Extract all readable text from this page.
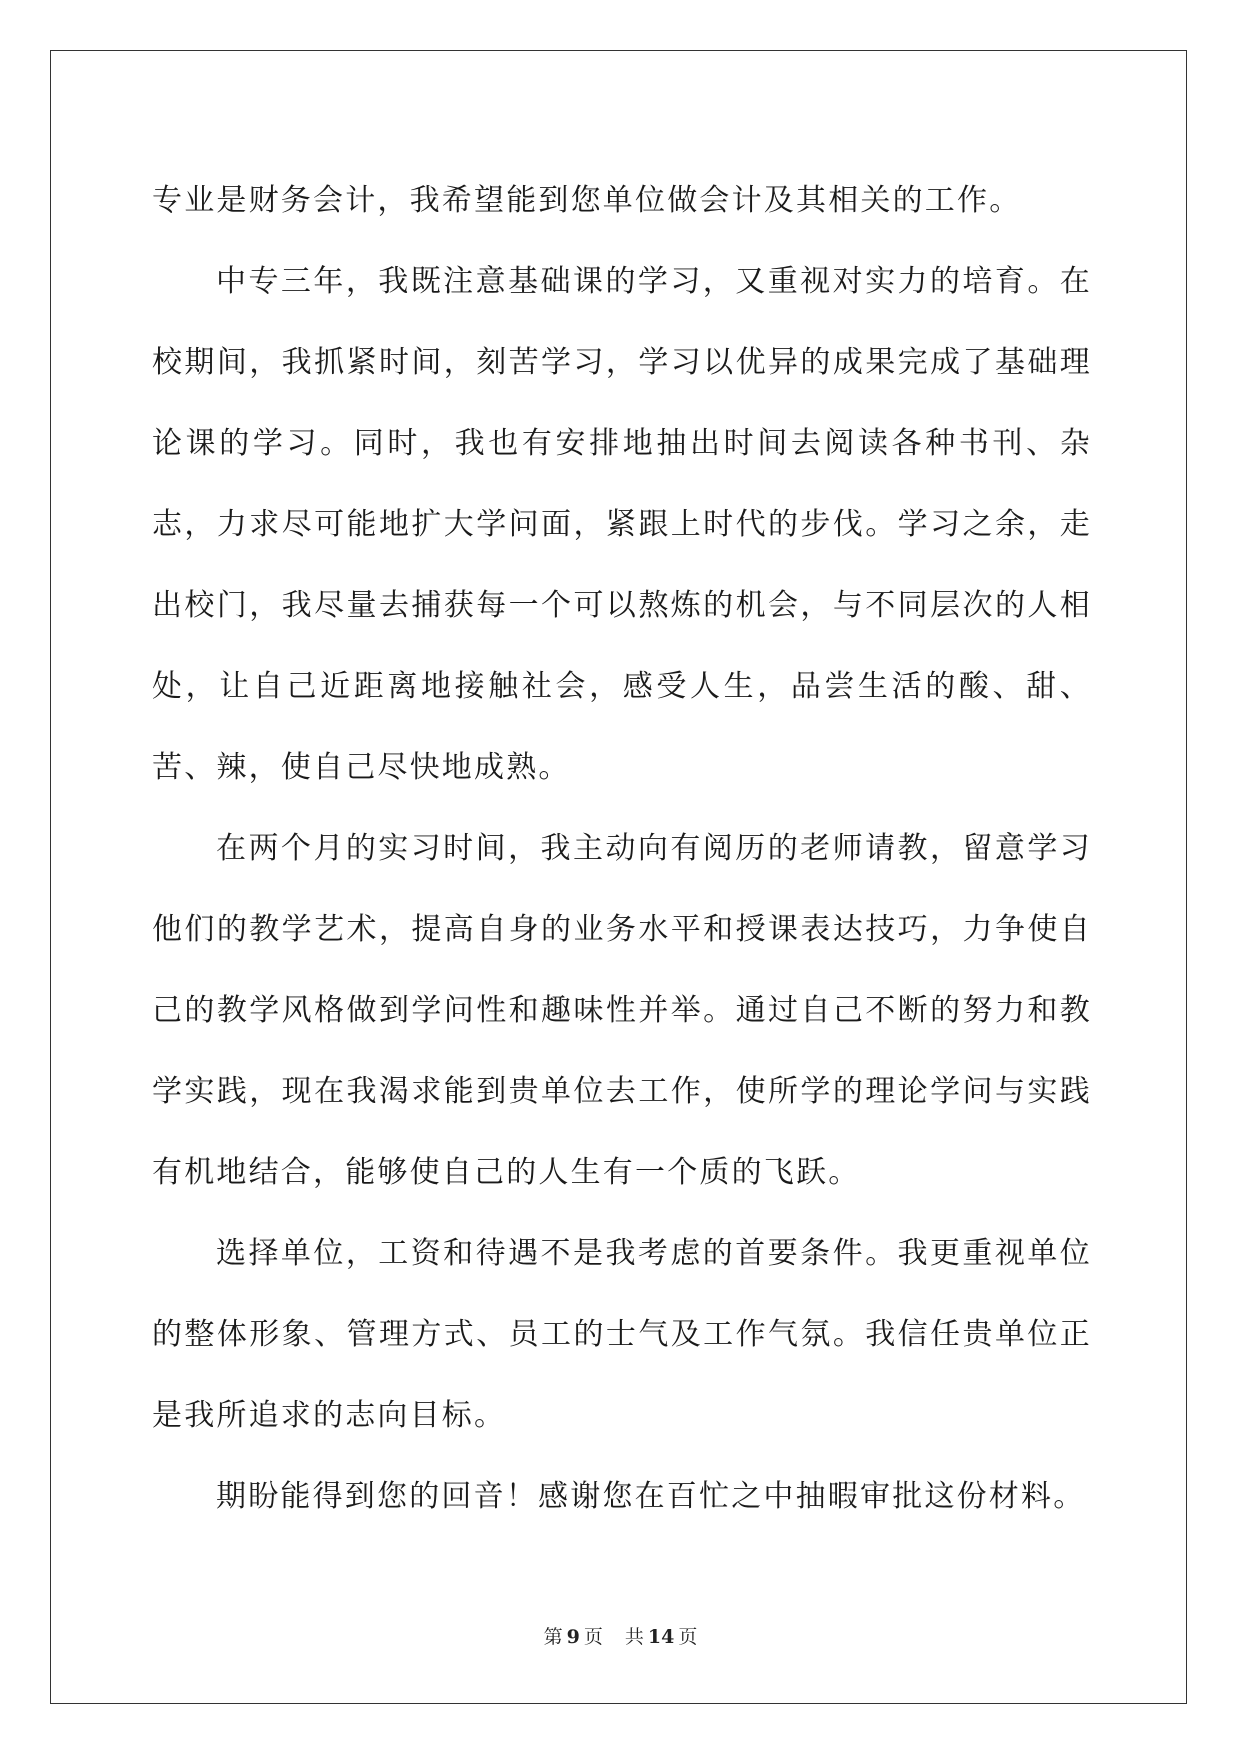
专业是财务会计，我希望能到您单位做会计及其相关的工作。

中专三年，我既注意基础课的学习，又重视对实力的培育。在校期间，我抓紧时间，刻苦学习，学习以优异的成果完成了基础理论课的学习。同时，我也有安排地抽出时间去阅读各种书刊、杂志，力求尽可能地扩大学问面，紧跟上时代的步伐。学习之余，走出校门，我尽量去捕获每一个可以熬炼的机会，与不同层次的人相处，让自己近距离地接触社会，感受人生，品尝生活的酸、甜、苦、辣，使自己尽快地成熟。

在两个月的实习时间，我主动向有阅历的老师请教，留意学习他们的教学艺术，提高自身的业务水平和授课表达技巧，力争使自己的教学风格做到学问性和趣味性并举。通过自己不断的努力和教学实践，现在我渴求能到贵单位去工作，使所学的理论学问与实践有机地结合，能够使自己的人生有一个质的飞跃。

选择单位，工资和待遇不是我考虑的首要条件。我更重视单位的整体形象、管理方式、员工的士气及工作气氛。我信任贵单位正是我所追求的志向目标。

期盼能得到您的回音！感谢您在百忙之中抽暇审批这份材料。

第 9 页 共 14 页
